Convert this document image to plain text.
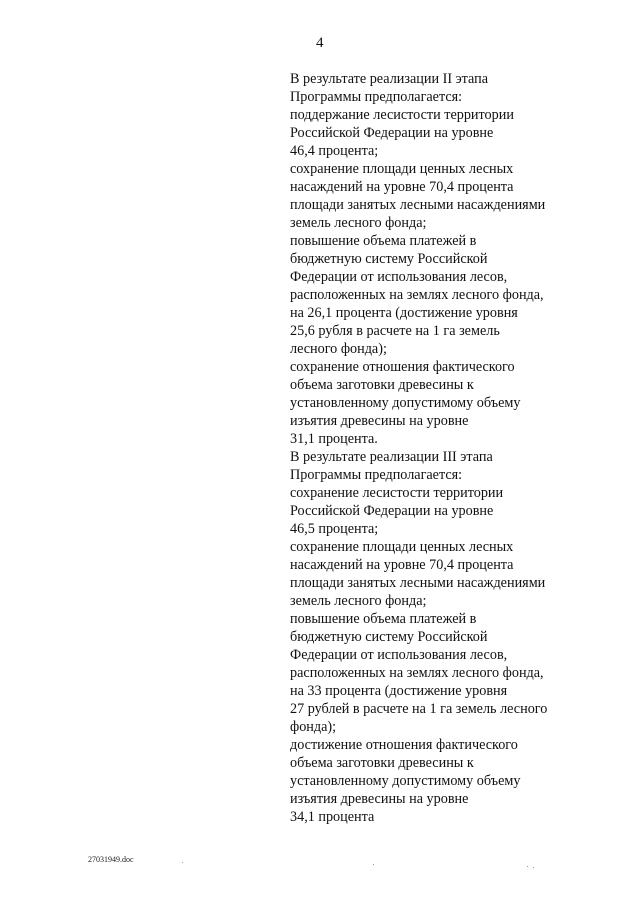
4
В результате реализации II этапа
Программы предполагается:
поддержание лесистости территории
Российской Федерации на уровне
46,4 процента;
сохранение площади ценных лесных
насаждений на уровне 70,4 процента
площади занятых лесными насаждениями
земель лесного фонда;
повышение объема платежей в
бюджетную систему Российской
Федерации от использования лесов,
расположенных на землях лесного фонда,
на 26,1 процента (достижение уровня
25,6 рубля в расчете на 1 га земель
лесного фонда);
сохранение отношения фактического
объема заготовки древесины к
установленному допустимому объему
изъятия древесины на уровне
31,1 процента.
В результате реализации III этапа
Программы предполагается:
сохранение лесистости территории
Российской Федерации на уровне
46,5 процента;
сохранение площади ценных лесных
насаждений на уровне 70,4 процента
площади занятых лесными насаждениями
земель лесного фонда;
повышение объема платежей в
бюджетную систему Российской
Федерации от использования лесов,
расположенных на землях лесного фонда,
на 33 процента (достижение уровня
27 рублей в расчете на 1 га земель лесного
фонда);
достижение отношения фактического
объема заготовки древесины к
установленному допустимому объему
изъятия древесины на уровне
34,1 процента
27031949.doc
